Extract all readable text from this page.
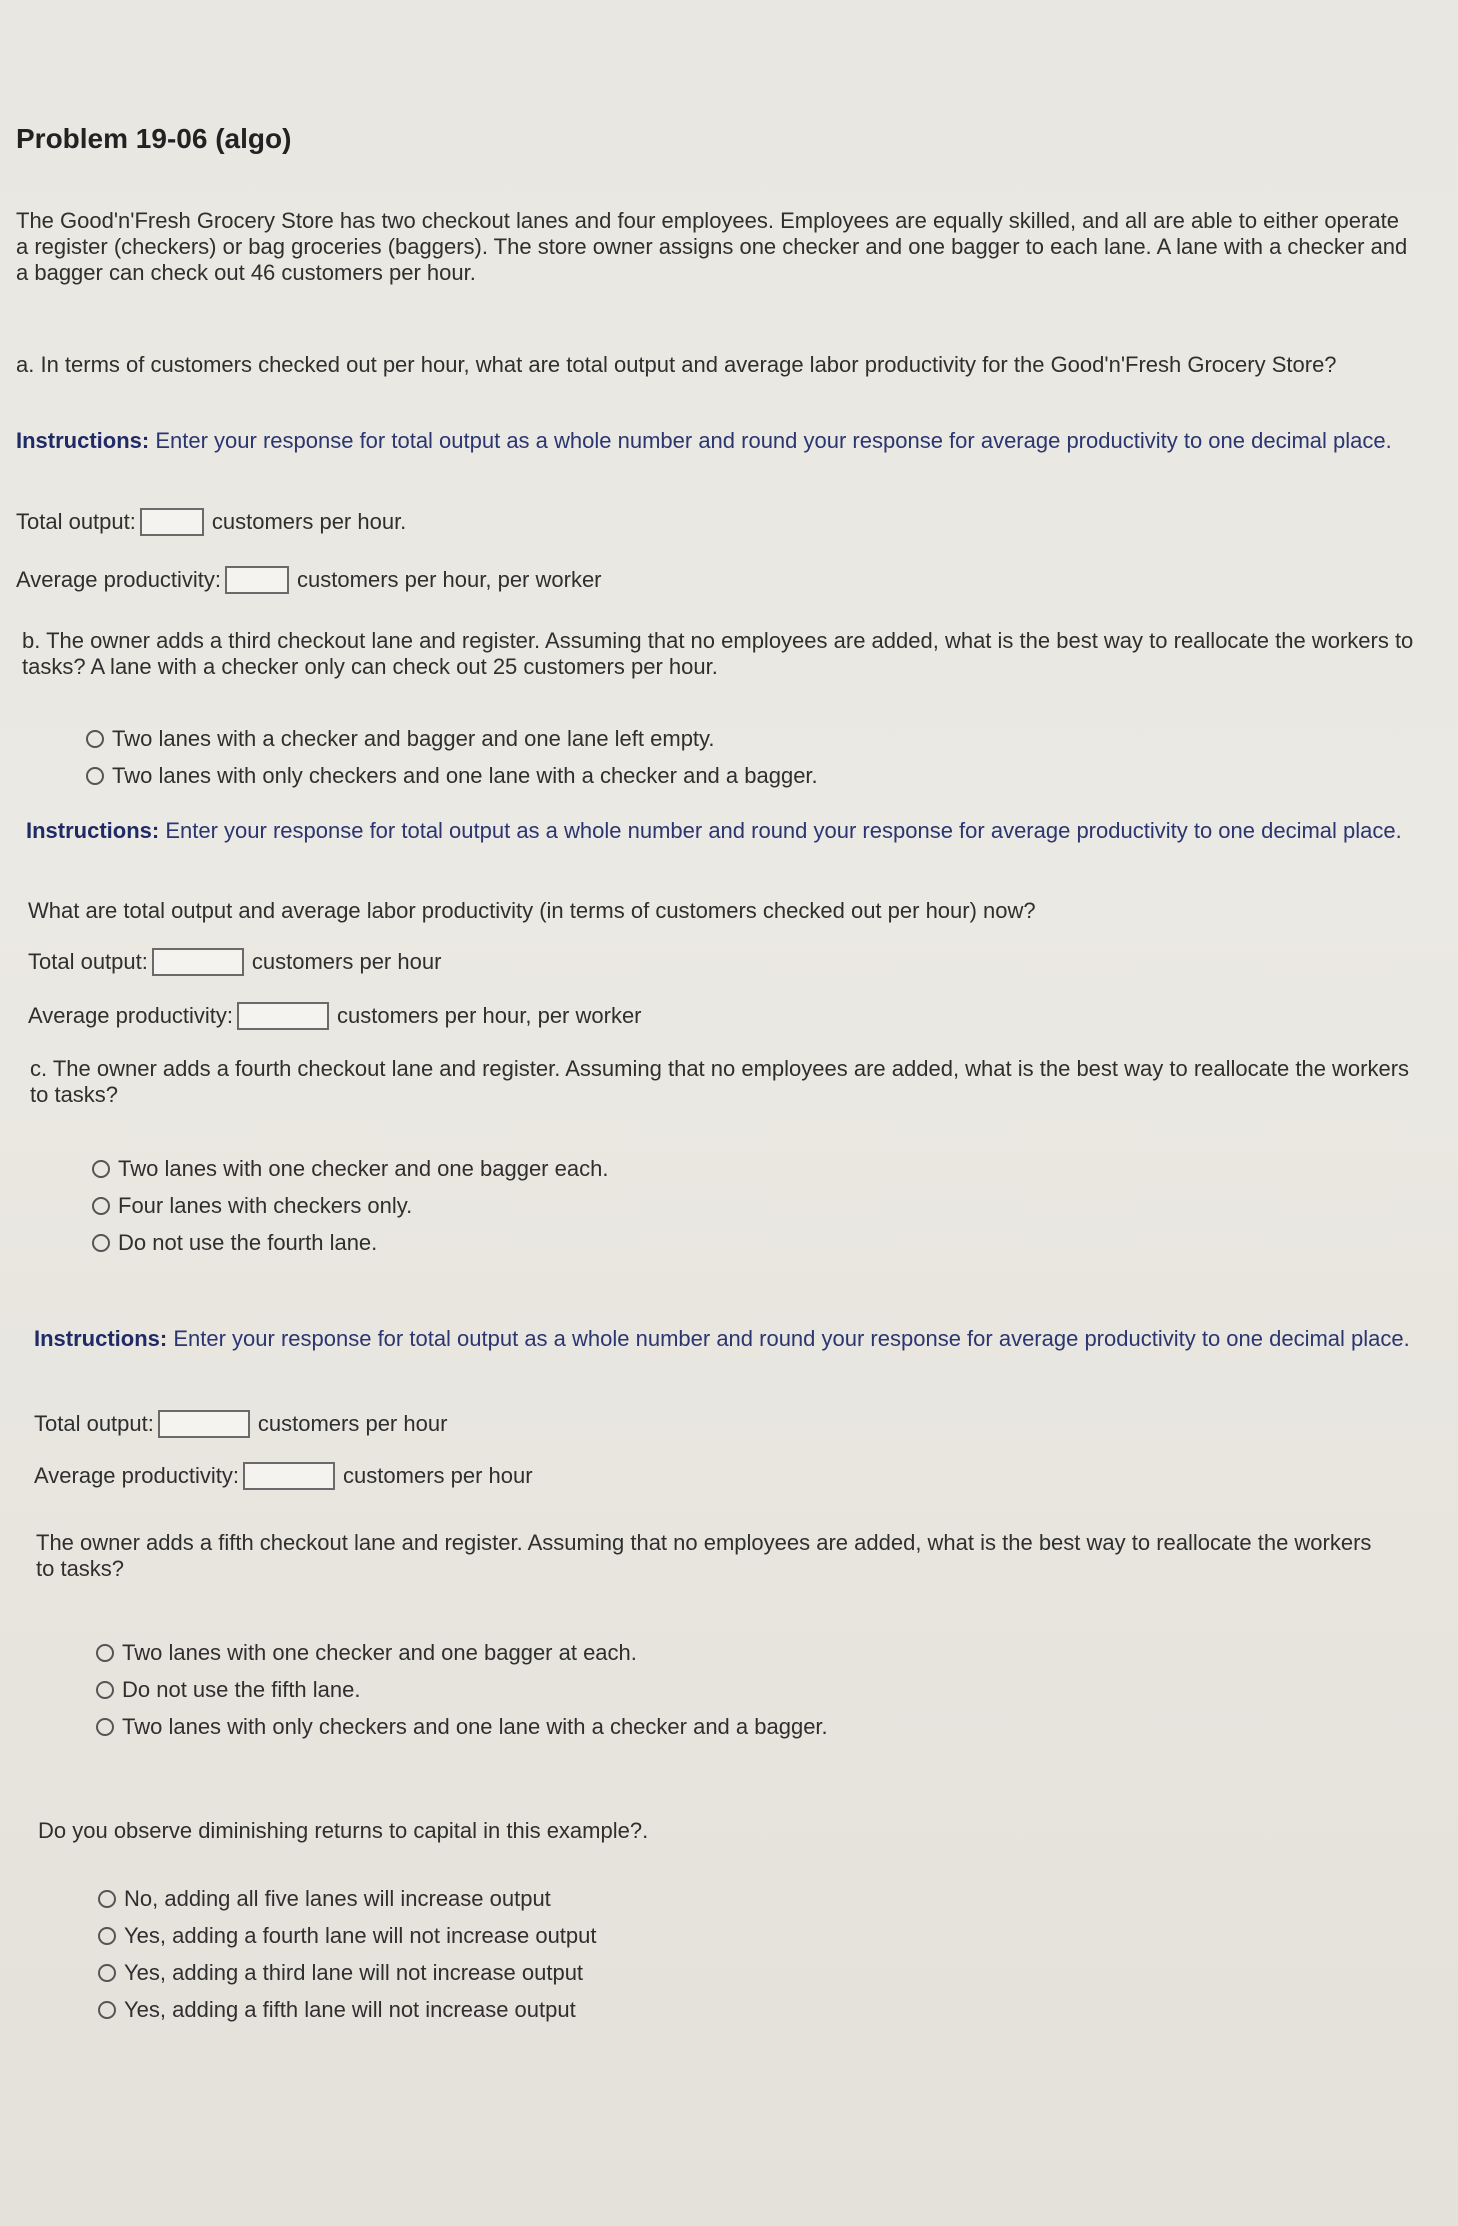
Problem 19-06 (algo)
The Good'n'Fresh Grocery Store has two checkout lanes and four employees. Employees are equally skilled, and all are able to either operate a register (checkers) or bag groceries (baggers). The store owner assigns one checker and one bagger to each lane. A lane with a checker and a bagger can check out 46 customers per hour.
a. In terms of customers checked out per hour, what are total output and average labor productivity for the Good'n'Fresh Grocery Store?
Instructions: Enter your response for total output as a whole number and round your response for average productivity to one decimal place.
Total output:	customers per hour.
Average productivity:	customers per hour, per worker
b. The owner adds a third checkout lane and register. Assuming that no employees are added, what is the best way to reallocate the workers to tasks? A lane with a checker only can check out 25 customers per hour.
Two lanes with a checker and bagger and one lane left empty.
Two lanes with only checkers and one lane with a checker and a bagger.
Instructions: Enter your response for total output as a whole number and round your response for average productivity to one decimal place.
What are total output and average labor productivity (in terms of customers checked out per hour) now?
Total output:	customers per hour
Average productivity:	customers per hour, per worker
c. The owner adds a fourth checkout lane and register. Assuming that no employees are added, what is the best way to reallocate the workers to tasks?
Two lanes with one checker and one bagger each.
Four lanes with checkers only.
Do not use the fourth lane.
Instructions: Enter your response for total output as a whole number and round your response for average productivity to one decimal place.
Total output:	customers per hour
Average productivity:	customers per hour
The owner adds a fifth checkout lane and register. Assuming that no employees are added, what is the best way to reallocate the workers to tasks?
Two lanes with one checker and one bagger at each.
Do not use the fifth lane.
Two lanes with only checkers and one lane with a checker and a bagger.
Do you observe diminishing returns to capital in this example?.
No, adding all five lanes will increase output
Yes, adding a fourth lane will not increase output
Yes, adding a third lane will not increase output
Yes, adding a fifth lane will not increase output
